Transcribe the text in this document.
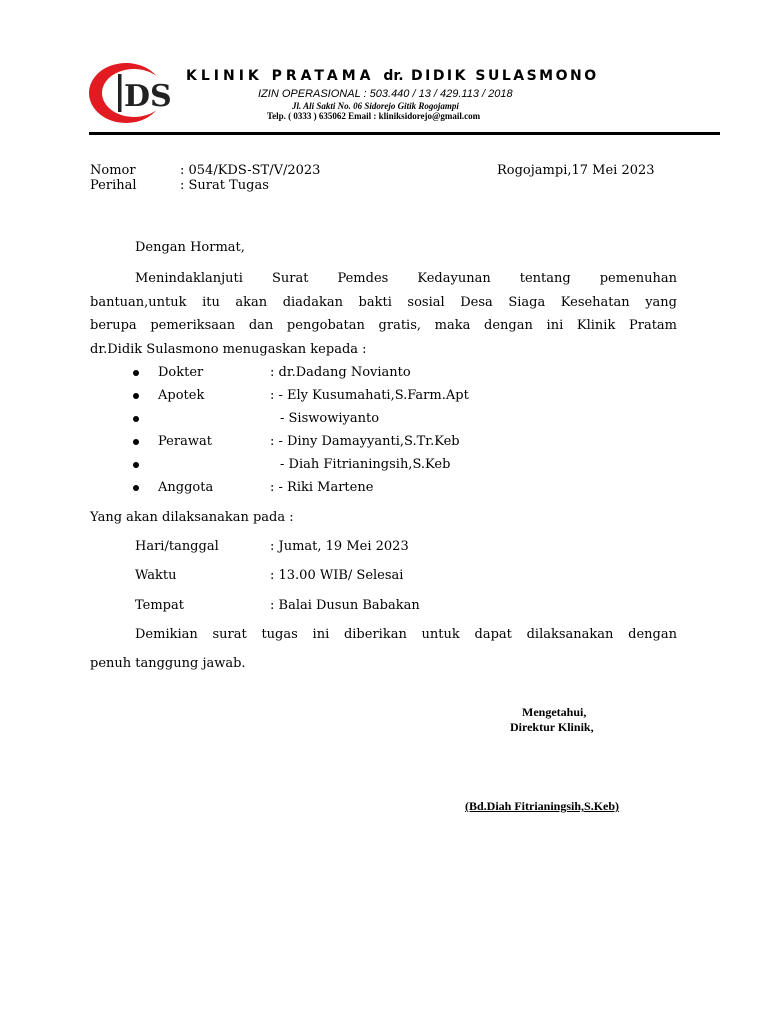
DS
KLINIK PRATAMA dr. DIDIK SULASMONO
IZIN OPERASIONAL : 503.440 / 13 / 429.113 / 2018
Jl. Ali Sakti No. 06 Sidorejo Gitik Rogojampi
Telp. ( 0333 ) 635062 Email : kliniksidorejo@gmail.com
Nomor	: 054/KDS-ST/V/2023
Perihal	: Surat Tugas
Rogojampi,17 Mei 2023
Dengan Hormat,
Menindaklanjuti Surat Pemdes Kedayunan tentang pemenuhan
bantuan,untuk itu akan diadakan bakti sosial Desa Siaga Kesehatan yang
berupa pemeriksaan dan pengobatan gratis, maka dengan ini Klinik Pratam
dr.Didik Sulasmono menugaskan kepada :
Dokter	: dr.Dadang Novianto
Apotek	: - Ely Kusumahati,S.Farm.Apt
- Siswowiyanto
Perawat	: - Diny Damayyanti,S.Tr.Keb
- Diah Fitrianingsih,S.Keb
Anggota	: - Riki Martene
Yang akan dilaksanakan pada :
Hari/tanggal	: Jumat, 19 Mei 2023
Waktu	: 13.00 WIB/ Selesai
Tempat	: Balai Dusun Babakan
Demikian surat tugas ini diberikan untuk dapat dilaksanakan dengan
penuh tanggung jawab.
Mengetahui,
Direktur Klinik,
(Bd.Diah Fitrianingsih,S.Keb)
